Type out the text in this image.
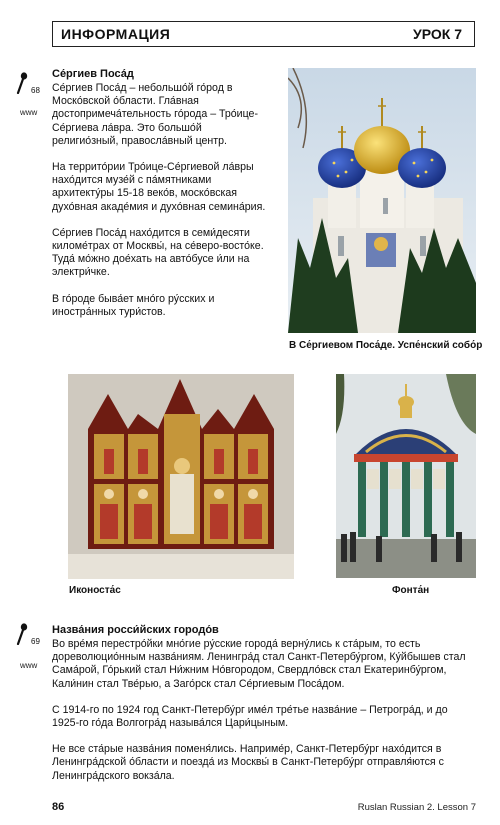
ИНФОРМАЦИЯ	УРОК 7
68
www
Се́ргиев Поса́д

Се́ргиев Поса́д – небольшо́й го́род в Моско́вской о́бласти. Гла́вная достопримеча́тельность го́рода – Тро́ице-Се́ргиева ла́вра. Это большо́й религио́зный, правосла́вный центр.

На террито́рии Тро́ице-Се́ргиевой ла́вры нахо́дится музе́й с па́мятниками архитекту́ры 15-18 веко́в, моско́вская духо́вная акаде́мия и духо́вная семина́рия.

Се́ргиев Поса́д нахо́дится в семи́десяти киломе́трах от Москвы́, на се́веро-восто́ке. Туда́ мо́жно дое́хать на авто́бусе и́ли на электри́чке.

В го́роде быва́ет мно́го ру́сских и иностра́нных тури́стов.

В Се́ргиевом Поса́де. Успе́нский собо́р
Иконоста́с	Фонта́н
69
www
Назва́ния росси́йских городо́в

Во вре́мя перестро́йки мно́гие ру́сские города́ верну́лись к ста́рым, то есть дореволюцио́нным назва́ниям. Ленингра́д стал Санкт-Петербу́ргом, Ку́йбышев стал Сама́рой, Го́рький стал Ни́жним Но́вгородом, Свердло́вск стал Екатеринбу́ргом, Кали́нин стал Тве́рью, а Заго́рск стал Се́ргиевым Поса́дом.

С 1914-го по 1924 год Санкт-Петербу́рг име́л тре́тье назва́ние – Петрогра́д, и до 1925-го го́да Волгогра́д называ́лся Цари́цыным.

Не все ста́рые назва́ния поменя́лись. Наприме́р, Санкт-Петербу́рг нахо́дится в Ленингра́дской о́бласти и поезда́ из Москвы́ в Санкт-Петербу́рг отправля́ются с Ленингра́дского вокза́ла.

86	Ruslan Russian 2. Lesson 7
